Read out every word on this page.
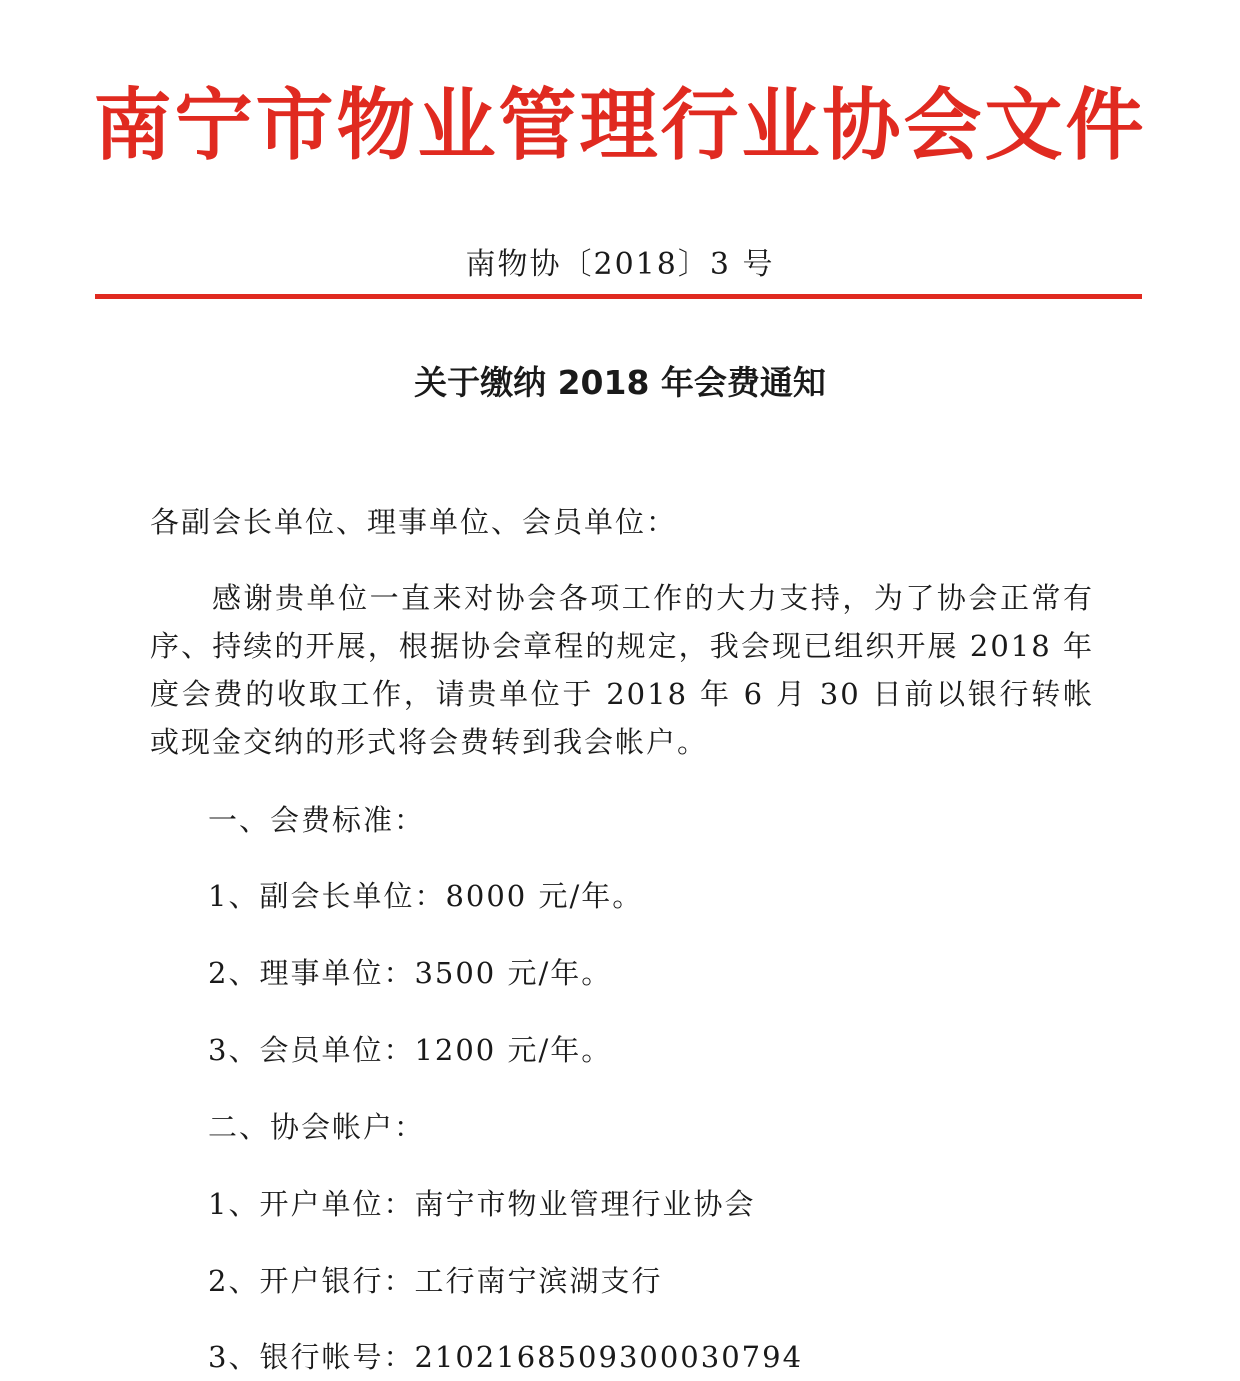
南宁市物业管理行业协会文件
南物协〔2018〕3 号
关于缴纳 2018 年会费通知
各副会长单位、理事单位、会员单位：
感谢贵单位一直来对协会各项工作的大力支持，为了协会正常有序、持续的开展，根据协会章程的规定，我会现已组织开展 2018 年度会费的收取工作，请贵单位于 2018 年 6 月 30 日前以银行转帐或现金交纳的形式将会费转到我会帐户。
一、会费标准：
1、副会长单位：8000 元/年。
2、理事单位：3500 元/年。
3、会员单位：1200 元/年。
二、协会帐户：
1、开户单位：南宁市物业管理行业协会
2、开户银行：工行南宁滨湖支行
3、银行帐号：2102168509300030794
